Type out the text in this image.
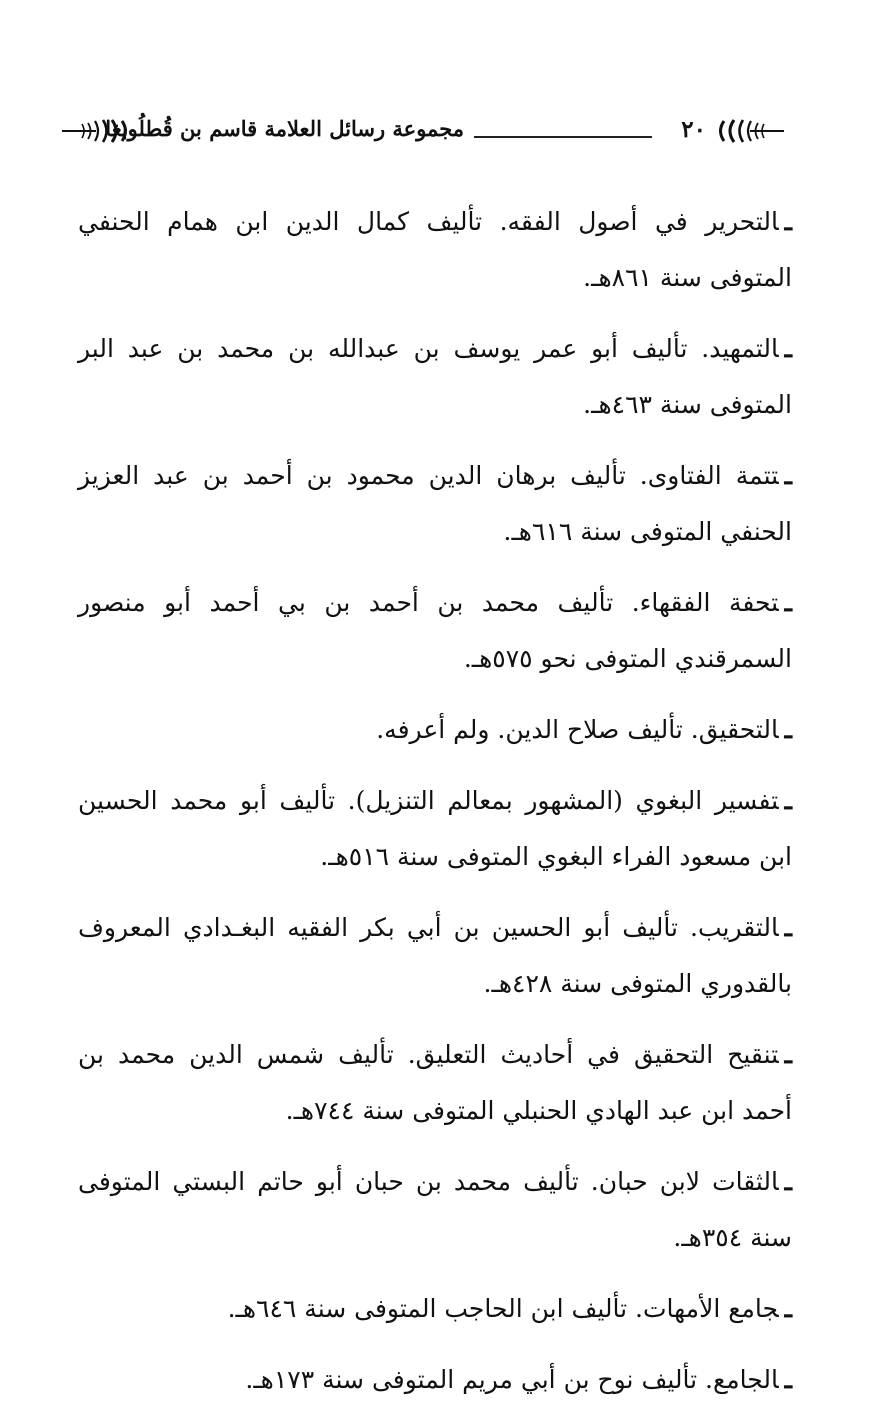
مجموعة رسائل العلامة قاسم بن قُطلُوبغا	٢٠

ـالتحرير في أصول الفقه. تأليف كمال الدين ابن همام الحنفي المتوفى سنة ٨٦١هـ.

ـالتمهيد. تأليف أبو عمر يوسف بن عبدالله بن محمد بن عبد البر المتوفى سنة ٤٦٣هـ.

ـتتمة الفتاوى. تأليف برهان الدين محمود بن أحمد بن عبد العزيز الحنفي المتوفى سنة ٦١٦هـ.

ـتحفة الفقهاء. تأليف محمد بن أحمد بن بي أحمد أبو منصور السمرقندي المتوفى نحو ٥٧٥هـ.

ـالتحقيق. تأليف صلاح الدين. ولم أعرفه.

ـتفسير البغوي (المشهور بمعالم التنزيل). تأليف أبو محمد الحسين ابن مسعود الفراء البغوي المتوفى سنة ٥١٦هـ.

ـالتقريب. تأليف أبو الحسين بن أبي بكر الفقيه البغـدادي المعروف بالقدوري المتوفى سنة ٤٢٨هـ.

ـتنقيح التحقيق في أحاديث التعليق. تأليف شمس الدين محمد بن أحمد ابن عبد الهادي الحنبلي المتوفى سنة ٧٤٤هـ.

ـالثقات لابن حبان. تأليف محمد بن حبان أبو حاتم البستي المتوفى سنة ٣٥٤هـ.

ـجامع الأمهات. تأليف ابن الحاجب المتوفى سنة ٦٤٦هـ.

ـالجامع. تأليف نوح بن أبي مريم المتوفى سنة ١٧٣هـ.
